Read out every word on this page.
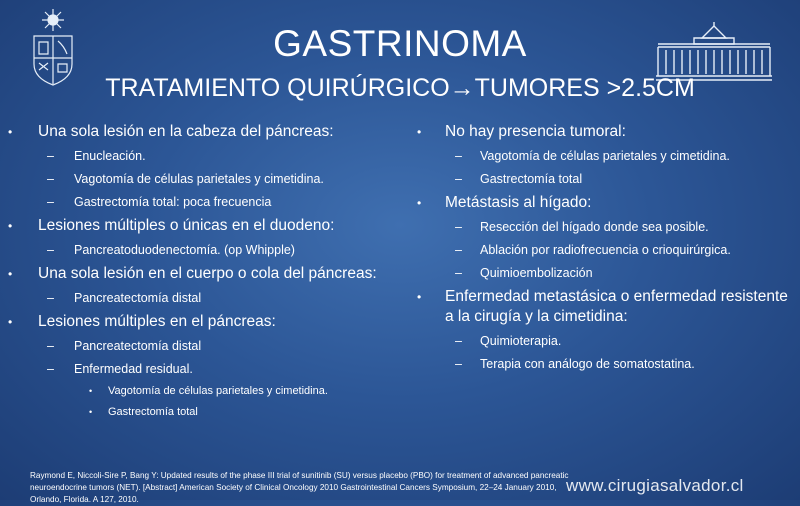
GASTRINOMA
TRATAMIENTO QUIRÚRGICO→TUMORES >2.5CM
• Una sola lesión en la cabeza del páncreas:
– Enucleación.
– Vagotomía de células parietales y cimetidina.
– Gastrectomía total: poca frecuencia
• Lesiones múltiples o únicas en el duodeno:
– Pancreatoduodenectomía. (op Whipple)
• Una sola lesión en el cuerpo o cola del páncreas:
– Pancreatectomía distal
• Lesiones múltiples en el páncreas:
– Pancreatectomía distal
– Enfermedad residual.
• Vagotomía de células parietales y cimetidina.
• Gastrectomía total
• No hay presencia tumoral:
– Vagotomía de células parietales y cimetidina.
– Gastrectomía total
• Metástasis al hígado:
– Resección del hígado donde sea posible.
– Ablación por radiofrecuencia o crioquirúrgica.
– Quimioembolización
• Enfermedad metastásica o enfermedad resistente a la cirugía y la cimetidina:
– Quimioterapia.
– Terapia con análogo de somatostatina.
Raymond E, Niccoli-Sire P, Bang Y: Updated results of the phase III trial of sunitinib (SU) versus placebo (PBO) for treatment of advanced pancreatic neuroendocrine tumors (NET). [Abstract] American Society of Clinical Oncology 2010 Gastrointestinal Cancers Symposium, 22–24 January 2010, Orlando, Florida. A 127, 2010.
www.cirugiasalvador.cl
